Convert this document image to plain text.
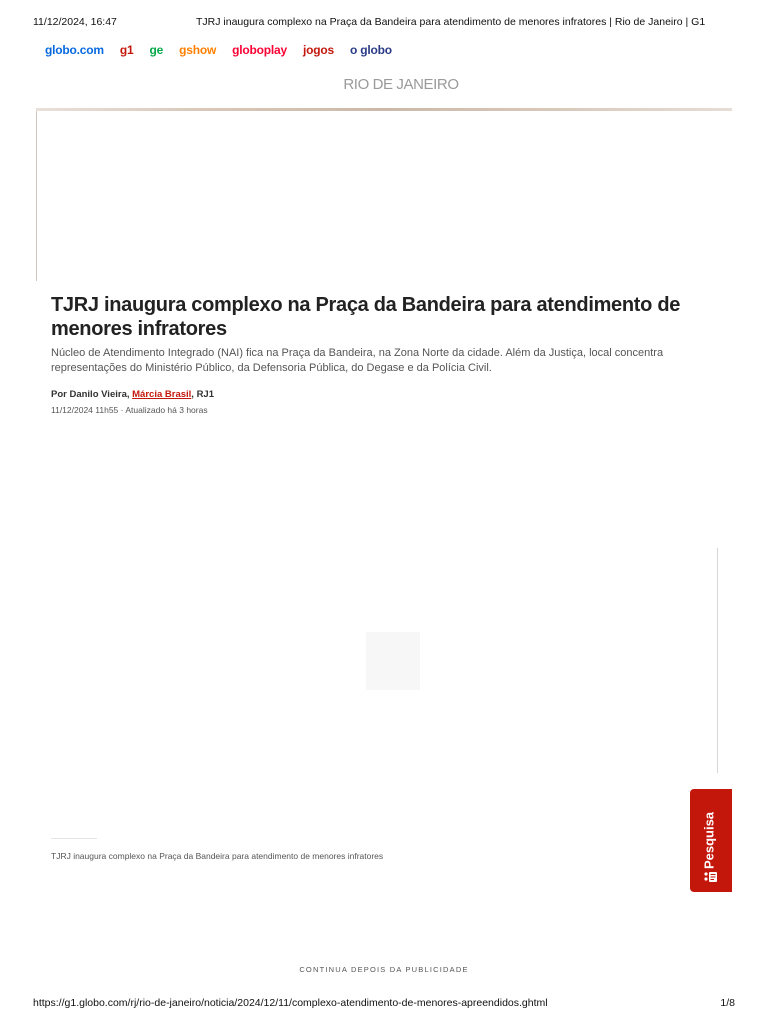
11/12/2024, 16:47	TJRJ inaugura complexo na Praça da Bandeira para atendimento de menores infratores | Rio de Janeiro | G1
globo.com g1 ge gshow globoplay jogos o globo
RIO DE JANEIRO
TJRJ inaugura complexo na Praça da Bandeira para atendimento de menores infratores

Núcleo de Atendimento Integrado (NAI) fica na Praça da Bandeira, na Zona Norte da cidade. Além da Justiça, local concentra representações do Ministério Público, da Defensoria Pública, do Degase e da Polícia Civil.

Por Danilo Vieira, Márcia Brasil, RJ1
11/12/2024 11h55 · Atualizado há 3 horas
TJRJ inaugura complexo na Praça da Bandeira para atendimento de menores infratores	Pesquisa
CONTINUA DEPOIS DA PUBLICIDADE
https://g1.globo.com/rj/rio-de-janeiro/noticia/2024/12/11/complexo-atendimento-de-menores-apreendidos.ghtml	1/8
